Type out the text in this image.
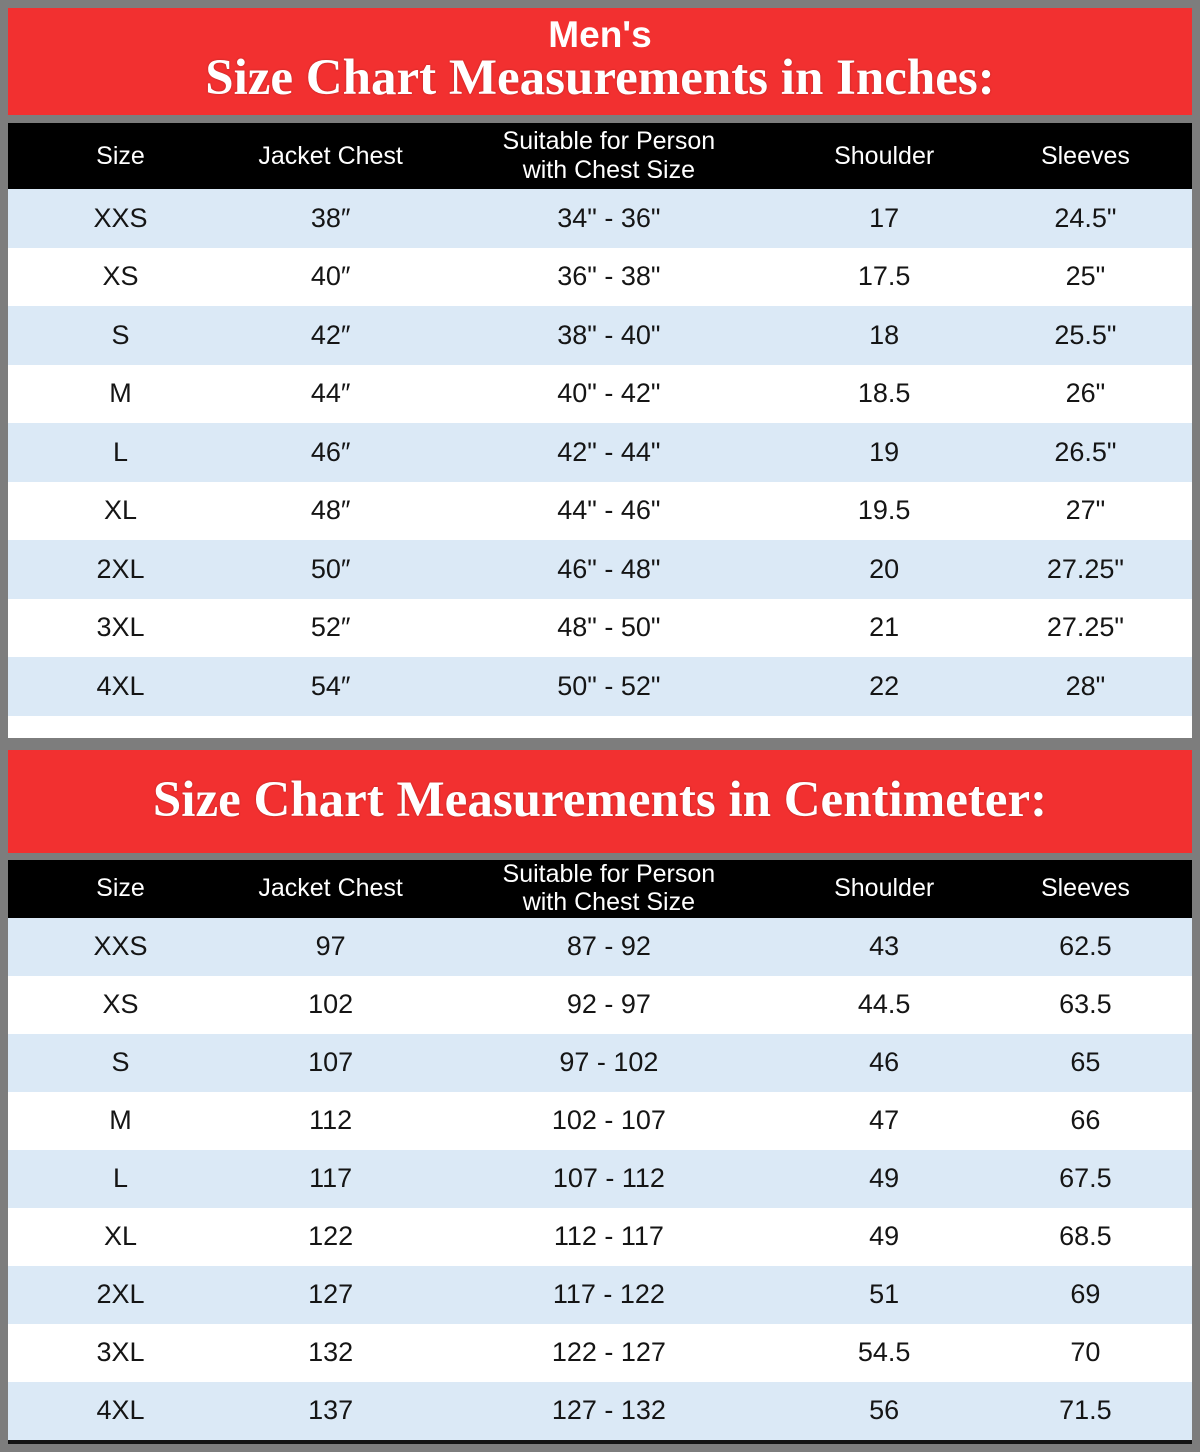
Men's
Size Chart Measurements in Inches:
Size	Jacket Chest	Suitable for Person with Chest Size	Shoulder	Sleeves
XXS	38″	34" - 36"	17	24.5"
XS	40″	36" - 38"	17.5	25"
S	42″	38" - 40"	18	25.5"
M	44″	40" - 42"	18.5	26"
L	46″	42" - 44"	19	26.5"
XL	48″	44" - 46"	19.5	27"
2XL	50″	46" - 48"	20	27.25"
3XL	52″	48" - 50"	21	27.25"
4XL	54″	50" - 52"	22	28"
Size Chart Measurements in Centimeter:
Size	Jacket Chest	Suitable for Person with Chest Size	Shoulder	Sleeves
XXS	97	87 - 92	43	62.5
XS	102	92 - 97	44.5	63.5
S	107	97 - 102	46	65
M	112	102 - 107	47	66
L	117	107 - 112	49	67.5
XL	122	112 - 117	49	68.5
2XL	127	117 - 122	51	69
3XL	132	122 - 127	54.5	70
4XL	137	127 - 132	56	71.5
